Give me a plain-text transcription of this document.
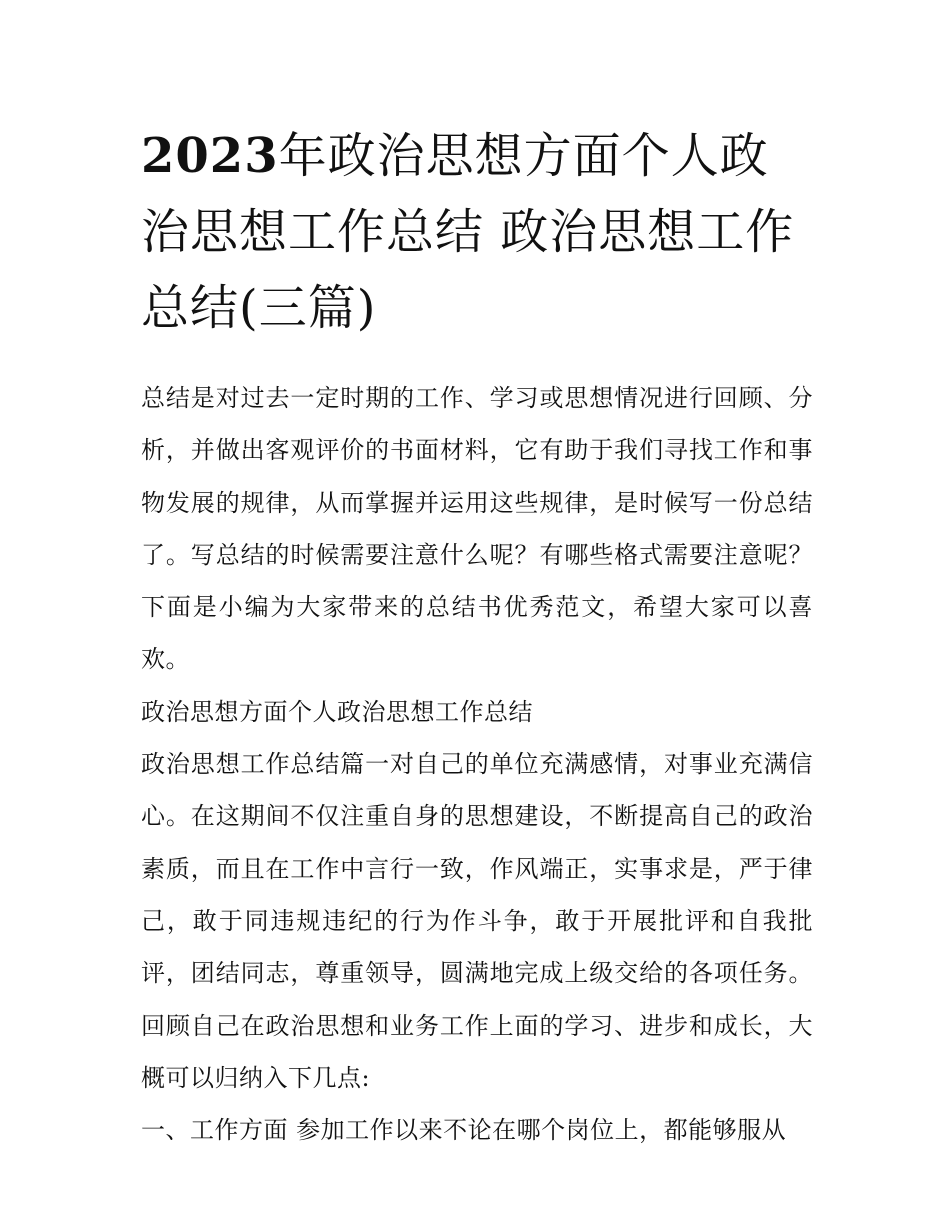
2023年政治思想方面个人政治思想工作总结 政治思想工作总结(三篇)

总结是对过去一定时期的工作、学习或思想情况进行回顾、分析，并做出客观评价的书面材料，它有助于我们寻找工作和事物发展的规律，从而掌握并运用这些规律，是时候写一份总结了。写总结的时候需要注意什么呢？有哪些格式需要注意呢？下面是小编为大家带来的总结书优秀范文，希望大家可以喜欢。

政治思想方面个人政治思想工作总结

政治思想工作总结篇一对自己的单位充满感情，对事业充满信心。在这期间不仅注重自身的思想建设，不断提高自己的政治素质，而且在工作中言行一致，作风端正，实事求是，严于律己，敢于同违规违纪的行为作斗争，敢于开展批评和自我批评，团结同志，尊重领导，圆满地完成上级交给的各项任务。回顾自己在政治思想和业务工作上面的学习、进步和成长，大概可以归纳入下几点:

一、工作方面 参加工作以来不论在哪个岗位上，都能够服从
